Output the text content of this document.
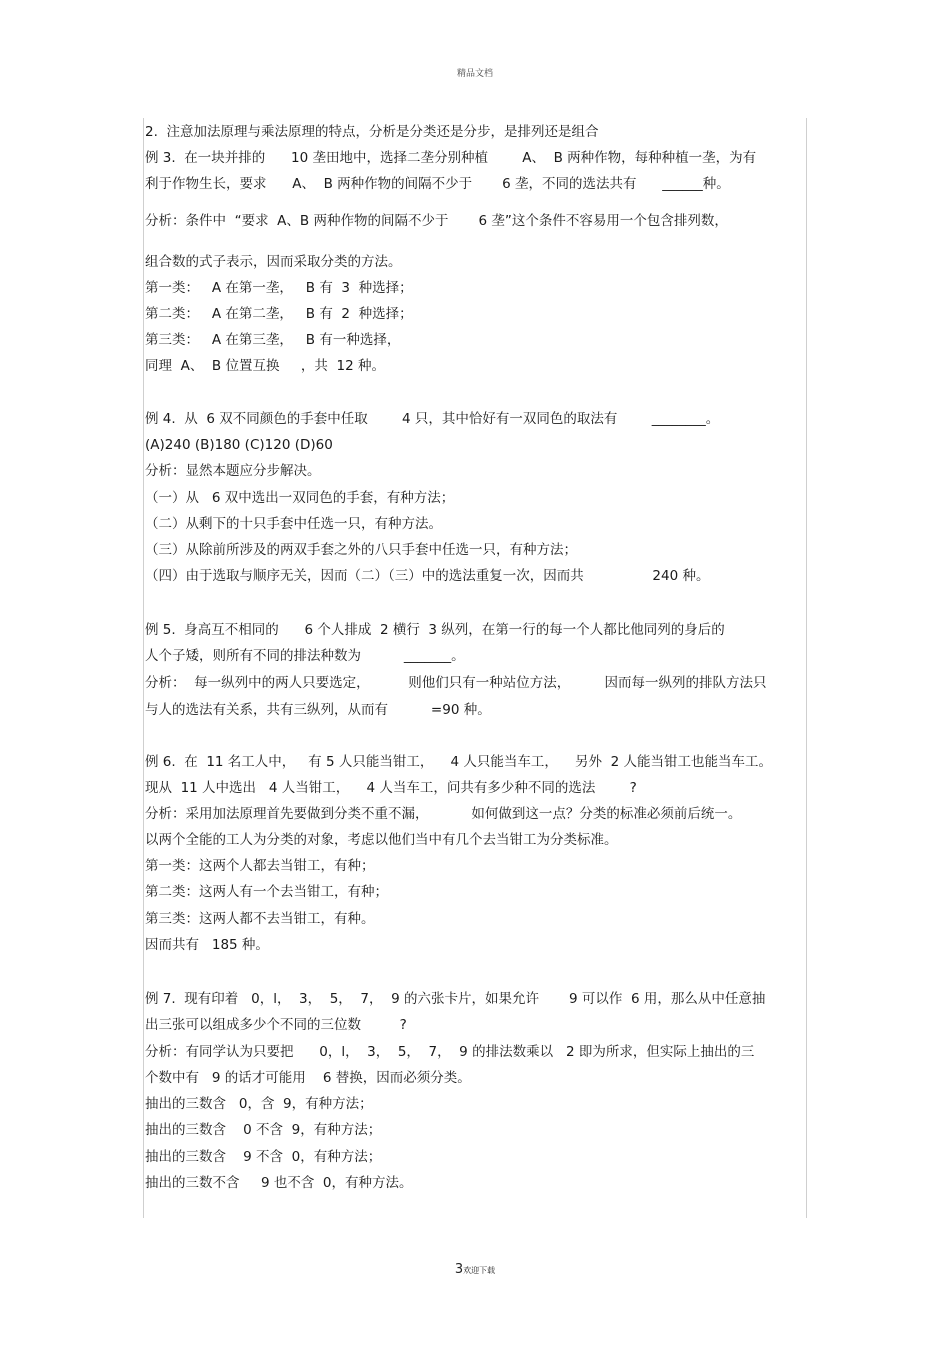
精品文档
2.  注意加法原理与乘法原理的特点，分析是分类还是分步，是排列还是组合
例 3.  在一块并排的      10 垄田地中，选择二垄分别种植        A、  B 两种作物，每种种植一垄，为有
利于作物生长，要求      A、  B 两种作物的间隔不少于       6 垄，不同的选法共有      ______种。
分析：条件中  “要求  A、B 两种作物的间隔不少于       6 垄”这个条件不容易用一个包含排列数，
组合数的式子表示，因而采取分类的方法。
第一类：   A 在第一垄，   B 有  3  种选择；
第二类：   A 在第二垄，   B 有  2  种选择；
第三类：   A 在第三垄，   B 有一种选择，
同理  A、  B 位置互换     ，共  12 种。
例 4.  从  6 双不同颜色的手套中任取        4 只，其中恰好有一双同色的取法有        ________。
(A)240 (B)180 (C)120 (D)60
分析：显然本题应分步解决。
（一）从   6 双中选出一双同色的手套，有种方法；
（二）从剩下的十只手套中任选一只，有种方法。
（三）从除前所涉及的两双手套之外的八只手套中任选一只，有种方法；
（四）由于选取与顺序无关，因而（二）（三）中的选法重复一次，因而共                240 种。
例 5.  身高互不相同的      6 个人排成  2 横行  3 纵列，在第一行的每一个人都比他同列的身后的
人个子矮，则所有不同的排法种数为          _______。
分析：  每一纵列中的两人只要选定，         则他们只有一种站位方法，        因而每一纵列的排队方法只
与人的选法有关系，共有三纵列，从而有          =90 种。
例 6.  在  11 名工人中，   有 5 人只能当钳工，    4 人只能当车工，    另外  2 人能当钳工也能当车工。
现从  11 人中选出   4 人当钳工，    4 人当车工，问共有多少种不同的选法        ?
分析：采用加法原理首先要做到分类不重不漏，          如何做到这一点？分类的标准必须前后统一。
以两个全能的工人为分类的对象，考虑以他们当中有几个去当钳工为分类标准。
第一类：这两个人都去当钳工，有种；
第二类：这两人有一个去当钳工，有种；
第三类：这两人都不去当钳工，有种。
因而共有   185 种。
例 7.  现有印着   0，l，  3，  5，  7，  9 的六张卡片，如果允许       9 可以作  6 用，那么从中任意抽
出三张可以组成多少个不同的三位数         ?
分析：有同学认为只要把      0，l，  3，  5，  7，  9 的排法数乘以   2 即为所求，但实际上抽出的三
个数中有   9 的话才可能用    6 替换，因而必须分类。
抽出的三数含   0，含  9，有种方法；
抽出的三数含    0 不含  9，有种方法；
抽出的三数含    9 不含  0，有种方法；
抽出的三数不含     9 也不含  0，有种方法。
3欢迎下载
